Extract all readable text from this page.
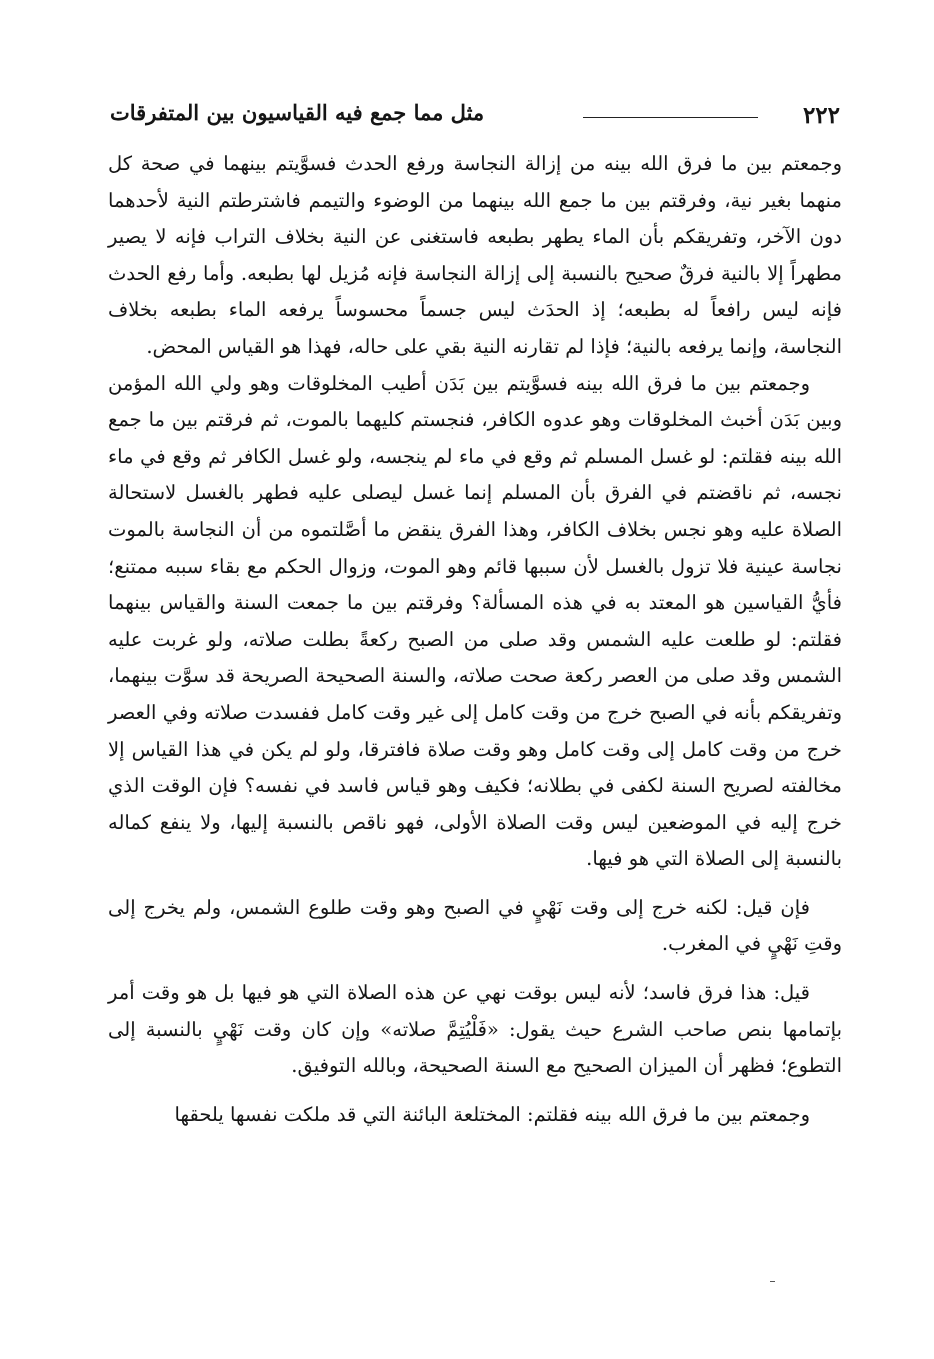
٢٢٢
مثل مما جمع فيه القياسيون بين المتفرقات

وجمعتم بين ما فرق الله بينه من إزالة النجاسة ورفع الحدث فسوَّيتم بينهما في صحة كل منهما بغير نية، وفرقتم بين ما جمع الله بينهما من الوضوء والتيمم فاشترطتم النية لأحدهما دون الآخر، وتفريقكم بأن الماء يطهر بطبعه فاستغنى عن النية بخلاف التراب فإنه لا يصير مطهراً إلا بالنية فرقٌ صحيح بالنسبة إلى إزالة النجاسة فإنه مُزيل لها بطبعه. وأما رفع الحدث فإنه ليس رافعاً له بطبعه؛ إذ الحدَث ليس جسماً محسوساً يرفعه الماء بطبعه بخلاف النجاسة، وإنما يرفعه بالنية؛ فإذا لم تقارنه النية بقي على حاله، فهذا هو القياس المحض.

وجمعتم بين ما فرق الله بينه فسوَّيتم بين بَدَن أطيب المخلوقات وهو ولي الله المؤمن وبين بَدَن أخبث المخلوقات وهو عدوه الكافر، فنجستم كليهما بالموت، ثم فرقتم بين ما جمع الله بينه فقلتم: لو غسل المسلم ثم وقع في ماء لم ينجسه، ولو غسل الكافر ثم وقع في ماء نجسه، ثم ناقضتم في الفرق بأن المسلم إنما غسل ليصلى عليه فطهر بالغسل لاستحالة الصلاة عليه وهو نجس بخلاف الكافر، وهذا الفرق ينقض ما أصَّلتموه من أن النجاسة بالموت نجاسة عينية فلا تزول بالغسل لأن سببها قائم وهو الموت، وزوال الحكم مع بقاء سببه ممتنع؛ فأيُّ القياسين هو المعتد به في هذه المسألة؟ وفرقتم بين ما جمعت السنة والقياس بينهما فقلتم: لو طلعت عليه الشمس وقد صلى من الصبح ركعةً بطلت صلاته، ولو غربت عليه الشمس وقد صلى من العصر ركعة صحت صلاته، والسنة الصحيحة الصريحة قد سوَّت بينهما، وتفريقكم بأنه في الصبح خرج من وقت كامل إلى غير وقت كامل ففسدت صلاته وفي العصر خرج من وقت كامل إلى وقت كامل وهو وقت صلاة فافترقا، ولو لم يكن في هذا القياس إلا مخالفته لصريح السنة لكفى في بطلانه؛ فكيف وهو قياس فاسد في نفسه؟ فإن الوقت الذي خرج إليه في الموضعين ليس وقت الصلاة الأولى، فهو ناقص بالنسبة إليها، ولا ينفع كماله بالنسبة إلى الصلاة التي هو فيها.

فإن قيل: لكنه خرج إلى وقت نَهْيٍ في الصبح وهو وقت طلوع الشمس، ولم يخرج إلى وقتِ نَهْيٍ في المغرب.

قيل: هذا فرق فاسد؛ لأنه ليس بوقت نهي عن هذه الصلاة التي هو فيها بل هو وقت أمر بإتمامها بنص صاحب الشرع حيث يقول: «فَلْيُتِمَّ صلاته» وإن كان وقت نَهْيٍ بالنسبة إلى التطوع؛ فظهر أن الميزان الصحيح مع السنة الصحيحة، وبالله التوفيق.

وجمعتم بين ما فرق الله بينه فقلتم: المختلعة البائنة التي قد ملكت نفسها يلحقها
